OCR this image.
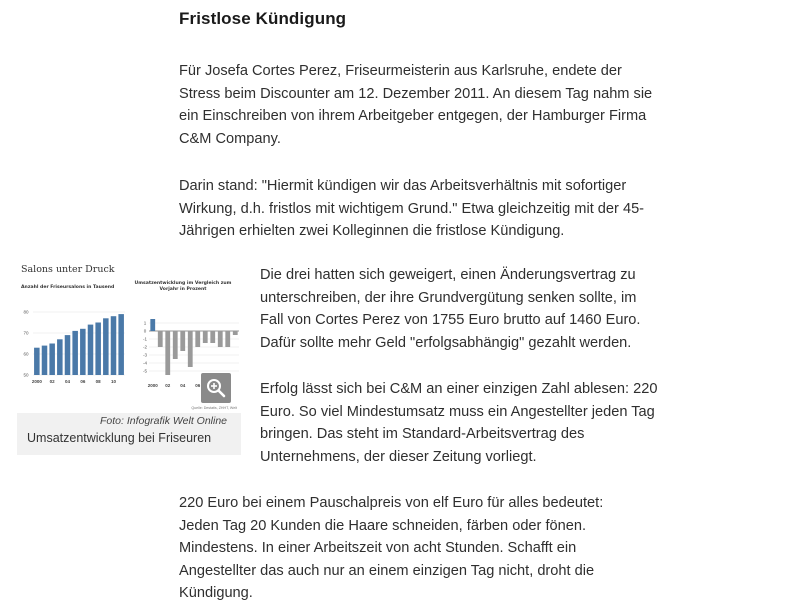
Fristlose Kündigung

Für Josefa Cortes Perez, Friseurmeisterin aus Karlsruhe, endete der Stress beim Discounter am 12. Dezember 2011. An diesem Tag nahm sie ein Einschreiben von ihrem Arbeitgeber entgegen, der Hamburger Firma C&M Company.

Darin stand: "Hiermit kündigen wir das Arbeitsverhältnis mit sofortiger Wirkung, d.h. fristlos mit wichtigem Grund." Etwa gleichzeitig mit der 45-Jährigen erhielten zwei Kolleginnen die fristlose Kündigung.

Salons unter Druck
Anzahl der Friseursalons in Tausend
50
60
70
80
2000 02 04 06 08 10
Umsatzentwicklung im Vergleich zum Vorjahr in Prozent
1
0
-1
-2
-3
-4
-5
2000 02 04 06
Quelle: Destatis, ZHHT, Welt
Foto: Infografik Welt Online
Umsatzentwicklung bei Friseuren

Die drei hatten sich geweigert, einen Änderungsvertrag zu unterschreiben, der ihre Grundvergütung senken sollte, im Fall von Cortes Perez von 1755 Euro brutto auf 1460 Euro. Dafür sollte mehr Geld "erfolgsabhängig" gezahlt werden.

Erfolg lässt sich bei C&M an einer einzigen Zahl ablesen: 220 Euro. So viel Mindestumsatz muss ein Angestellter jeden Tag bringen. Das steht im Standard-Arbeitsvertrag des Unternehmens, der dieser Zeitung vorliegt.

220 Euro bei einem Pauschalpreis von elf Euro für alles bedeutet: Jeden Tag 20 Kunden die Haare schneiden, färben oder fönen. Mindestens. In einer Arbeitszeit von acht Stunden. Schafft ein Angestellter das auch nur an einem einzigen Tag nicht, droht die Kündigung.
